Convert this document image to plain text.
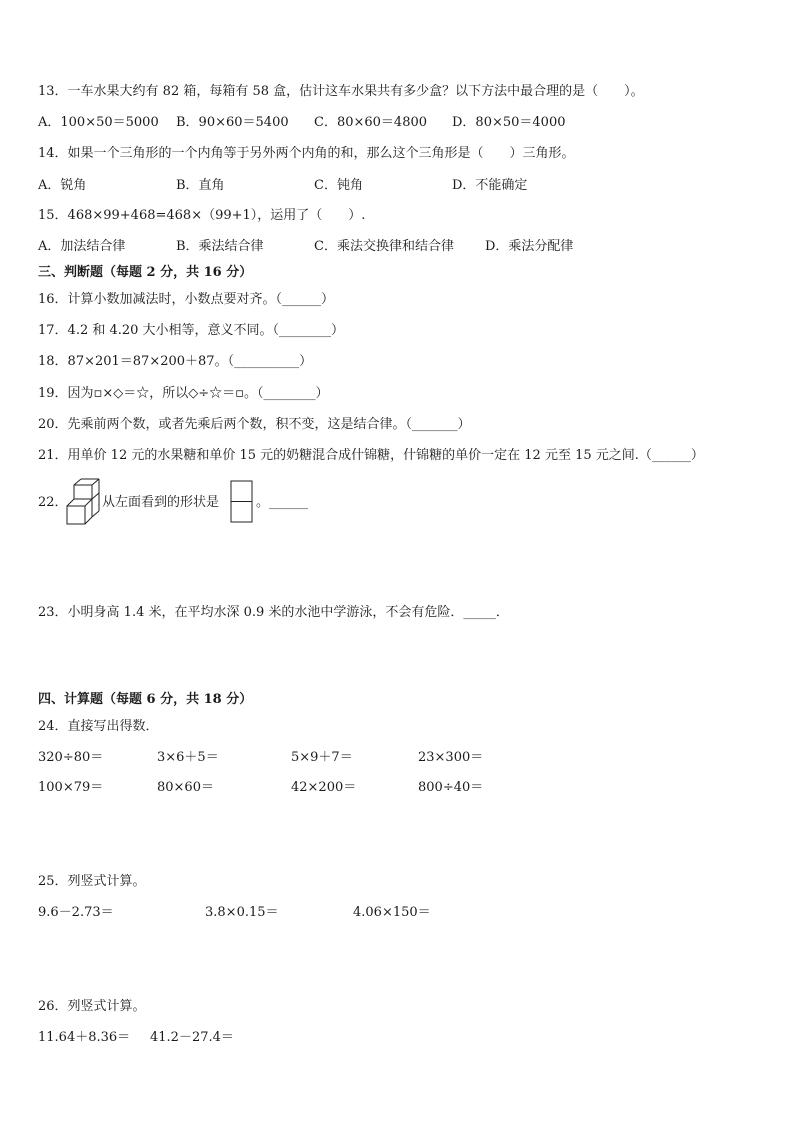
13．一车水果大约有 82 箱，每箱有 58 盒，估计这车水果共有多少盒？以下方法中最合理的是（　　）。
A．100×50＝5000 B．90×60＝5400 C．80×60＝4800 D．80×50＝4000
14．如果一个三角形的一个内角等于另外两个内角的和，那么这个三角形是（　　）三角形。
A．锐角	B．直角	C．钝角	D．不能确定
15．468×99+468=468×（99+1），运用了（　　）.
A．加法结合律	B．乘法结合律	C．乘法交换律和结合律 D．乘法分配律
三、判断题（每题 2 分，共 16 分）
16．计算小数加减法时，小数点要对齐。（______）
17．4.2 和 4.20 大小相等，意义不同。（________）
18．87×201＝87×200＋87。（__________）
19．因为▫×◇＝☆，所以◇÷☆＝▫。（________）
20．先乘前两个数，或者先乘后两个数，积不变，这是结合律。（_______）
21．用单价 12 元的水果糖和单价 15 元的奶糖混合成什锦糖，什锦糖的单价一定在 12 元至 15 元之间.（______）
22．	从左面看到的形状是	。______
23．小明身高 1.4 米，在平均水深 0.9 米的水池中学游泳，不会有危险．_____．
四、计算题（每题 6 分，共 18 分）
24．直接写出得数．
320÷80＝	3×6＋5＝	5×9＋7＝	23×300＝
100×79＝	80×60＝	42×200＝	800÷40＝
25．列竖式计算。
9.6－2.73＝	3.8×0.15＝	4.06×150＝
26．列竖式计算。
11.64＋8.36＝ 41.2－27.4＝
